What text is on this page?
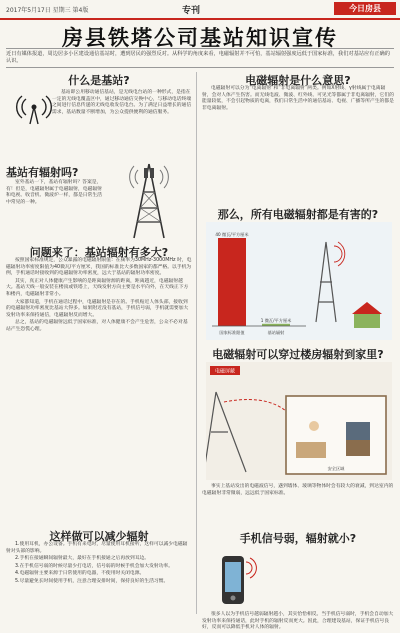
2017年5月17日 星期三 第4版	专刊	今日房县
房县铁塔公司基站知识宣传
近日有媒体报道，周边居多小区建设通信基站时，遭到居民的强烈反对。从科学的角度来看，电磁辐射并不可怕，基站辐射强度远低于国家标准，我们对基站应有正确的认识。
什么是基站?

基站即公用移动通信基站，是无线电台站的一种形式，是指在一定的无线电覆盖区中，通过移动通信交换中心，与移动电话终端之间进行信息传递的无线电收发信电台。为了满足日益增长的通信需求，基站数量不断增加，为公众提供便利的通信服务。

基站有辐射吗?

室外基站一下，基站有辐射吗？答案是，有！但是，电磁辐射属于电磁辐射，电磁辐射和电视、收音机、微波炉一样，都是日常生活中常见的一种。

问题来了：基站辐射有多大?

按照国家标准规定，公众暴露的电磁辐射限值：在频率为30MHz-3000MHz 时，电磁辐射功率密度限值为40微瓦/平方厘米，我国的标准比大多数国家的都严格。以手机为例，手机通话时接收到的电磁辐射功率密度，远大于基站的辐射功率密度。

其实，真正对人体健康产生影响的是距离辐射源的距离，距离越近，电磁辐射越大。基站天线一般安装在楼顶或铁塔上，天线发射方向主要是水平向外，在天线正下方和楼内，电磁辐射非常小。

大家都知道，手机在通话过程中，电磁辐射是存在的。手机贴近人体头部，接收到的电磁辐射功率密度比基站大得多。如果附近没有基站，手机信号弱，手机就需要加大发射功率来保持通信，电磁辐射反而增大。

总之，基站的电磁辐射远低于国家标准，对人体健康不会产生危害，公众不必对基站产生恐慌心理。

这样做可以减少辐射

1.使用耳机，办公设备。手机有来电时，尽量使用耳机接听，这样可以减少电磁辐射对头部的影响。

2.手机在接通瞬间辐射最大，最好在手机接通之后再放到耳边。

3.在手机信号弱的时候尽量少打电话，信号弱的时候手机会加大发射功率。

4.电磁辐射主要来源于日常使用的电器，不使用时关闭电源。

5.尽量避免长时间使用手机，注意合理安排时间，保持良好的生活习惯。

电磁辐射是什么意思?

电磁辐射可以分为“电离辐射”和“非电离辐射”两类。例如X射线、γ射线属于电离辐射，会对人体产生伤害。而无线电波、微波、红外线、可见光等都属于非电离辐射，它们的能量较低，不会引起物质的电离，我们日常生活中的通信基站、电视、广播等所产生的都是非电离辐射。

那么，所有电磁辐射都是有害的?
40 微瓦/平方厘米
国家标准限值
1 微瓦/平方厘米
基站辐射
电磁辐射可以穿过楼房辐射到家里?
电磁屏蔽
安全区域

事实上基站发出的电磁波信号，遇到墙体、玻璃等物体时会有较大的衰减，到达室内的电磁辐射非常微弱，远远低于国家标准。

手机信号弱，辐射就小?

很多人以为手机信号越弱辐射越小，其实恰恰相反。当手机信号弱时，手机会自动加大发射功率来保持通话，此时手机的辐射反而更大。因此，合理建设基站，保证手机信号良好，反而可以降低手机对人体的辐射。
